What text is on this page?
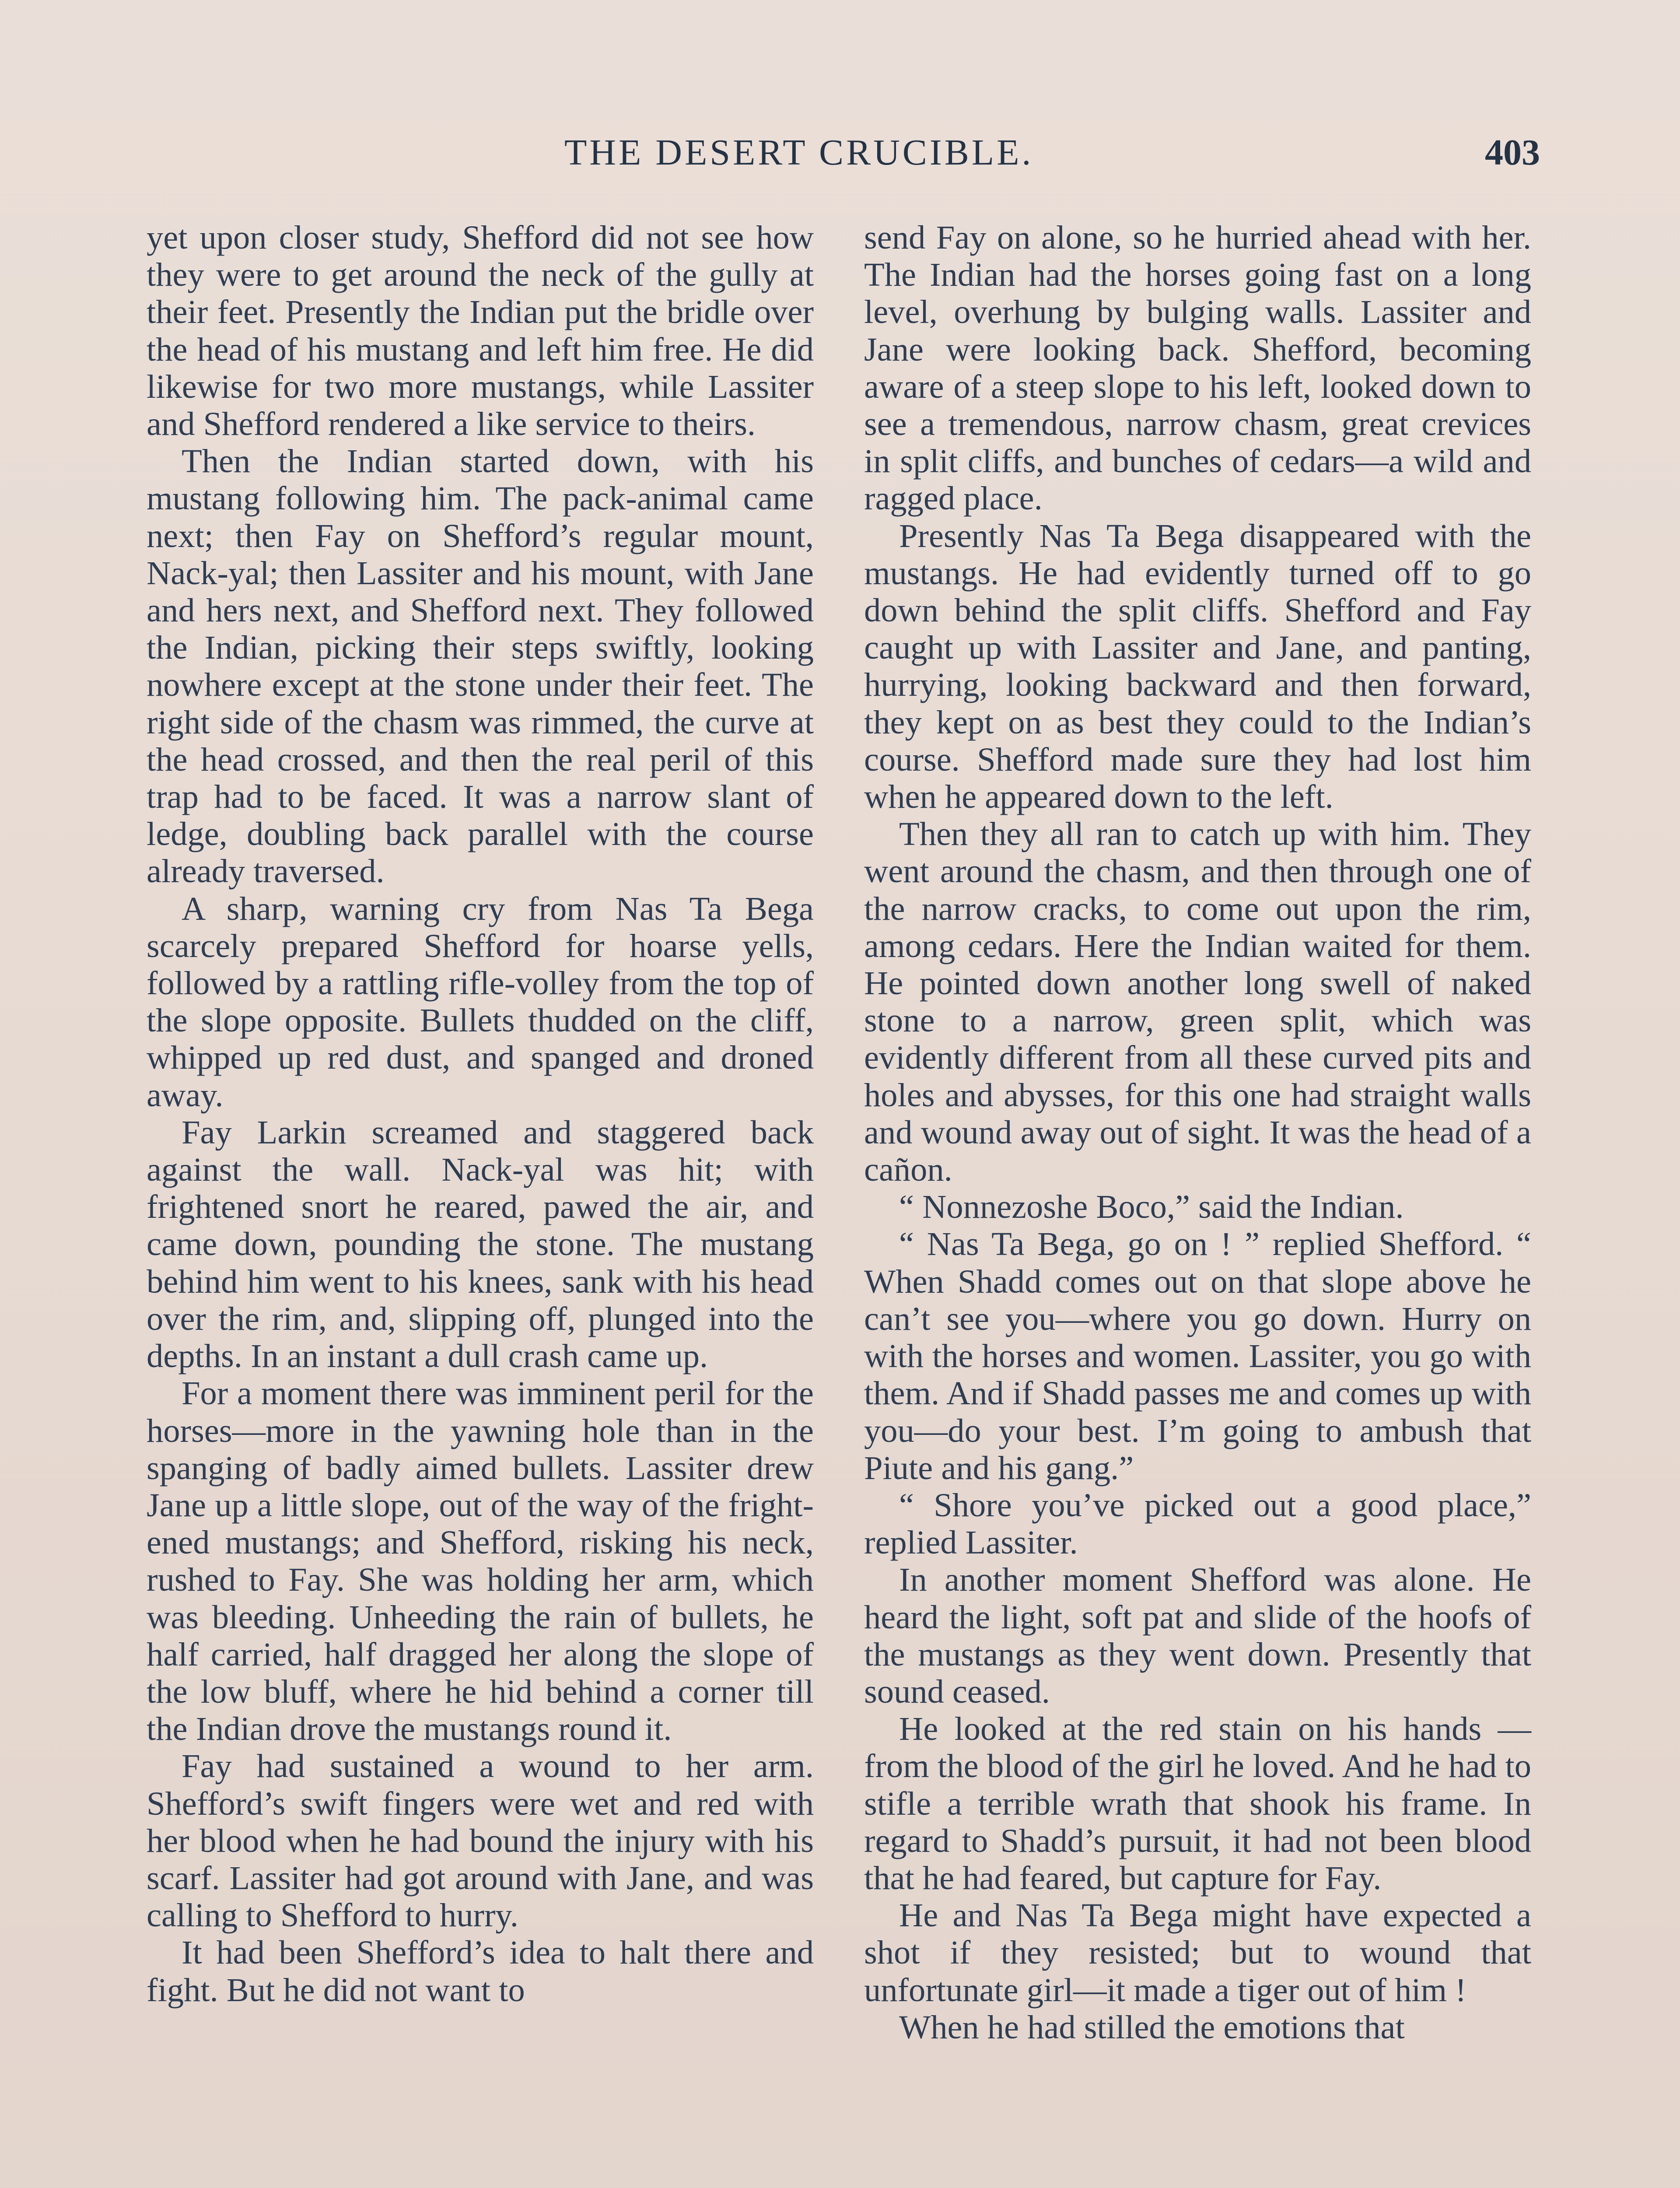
THE DESERT CRUCIBLE.	403

yet upon closer study, Shefford did not see how they were to get around the neck of the gully at their feet. Presently the Indian put the bridle over the head of his mustang and left him free. He did likewise for two more mustangs, while Lassiter and Shefford rendered a like service to theirs.

Then the Indian started down, with his mustang following him. The pack-animal came next; then Fay on Shefford’s regular mount, Nack-yal; then Lassiter and his mount, with Jane and hers next, and Shefford next. They followed the Indian, picking their steps swiftly, looking nowhere except at the stone under their feet. The right side of the chasm was rimmed, the curve at the head crossed, and then the real peril of this trap had to be faced. It was a narrow slant of ledge, doubling back parallel with the course already traversed.

A sharp, warning cry from Nas Ta Bega scarcely prepared Shefford for hoarse yells, followed by a rattling rifle-volley from the top of the slope opposite. Bullets thudded on the cliff, whipped up red dust, and spanged and droned away.

Fay Larkin screamed and staggered back against the wall. Nack-yal was hit; with frightened snort he reared, pawed the air, and came down, pounding the stone. The mustang behind him went to his knees, sank with his head over the rim, and, slipping off, plunged into the depths. In an instant a dull crash came up.

For a moment there was imminent peril for the horses—more in the yawning hole than in the spanging of badly aimed bullets. Lassiter drew Jane up a little slope, out of the way of the frightened mustangs; and Shefford, risking his neck, rushed to Fay. She was holding her arm, which was bleeding. Unheeding the rain of bullets, he half carried, half dragged her along the slope of the low bluff, where he hid behind a corner till the Indian drove the mustangs round it.

Fay had sustained a wound to her arm. Shefford’s swift fingers were wet and red with her blood when he had bound the injury with his scarf. Lassiter had got around with Jane, and was calling to Shefford to hurry.

It had been Shefford’s idea to halt there and fight. But he did not want to

send Fay on alone, so he hurried ahead with her. The Indian had the horses going fast on a long level, overhung by bulging walls. Lassiter and Jane were looking back. Shefford, becoming aware of a steep slope to his left, looked down to see a tremendous, narrow chasm, great crevices in split cliffs, and bunches of cedars—a wild and ragged place.

Presently Nas Ta Bega disappeared with the mustangs. He had evidently turned off to go down behind the split cliffs. Shefford and Fay caught up with Lassiter and Jane, and panting, hurrying, looking backward and then forward, they kept on as best they could to the Indian’s course. Shefford made sure they had lost him when he appeared down to the left.

Then they all ran to catch up with him. They went around the chasm, and then through one of the narrow cracks, to come out upon the rim, among cedars. Here the Indian waited for them. He pointed down another long swell of naked stone to a narrow, green split, which was evidently different from all these curved pits and holes and abysses, for this one had straight walls and wound away out of sight. It was the head of a cañon.

“ Nonnezoshe Boco,” said the Indian.

“ Nas Ta Bega, go on ! ” replied Shefford. “ When Shadd comes out on that slope above he can’t see you—where you go down. Hurry on with the horses and women. Lassiter, you go with them. And if Shadd passes me and comes up with you—do your best. I’m going to ambush that Piute and his gang.”

“ Shore you’ve picked out a good place,” replied Lassiter.

In another moment Shefford was alone. He heard the light, soft pat and slide of the hoofs of the mustangs as they went down. Presently that sound ceased.

He looked at the red stain on his hands — from the blood of the girl he loved. And he had to stifle a terrible wrath that shook his frame. In regard to Shadd’s pursuit, it had not been blood that he had feared, but capture for Fay.

He and Nas Ta Bega might have expected a shot if they resisted; but to wound that unfortunate girl—it made a tiger out of him !

When he had stilled the emotions that
